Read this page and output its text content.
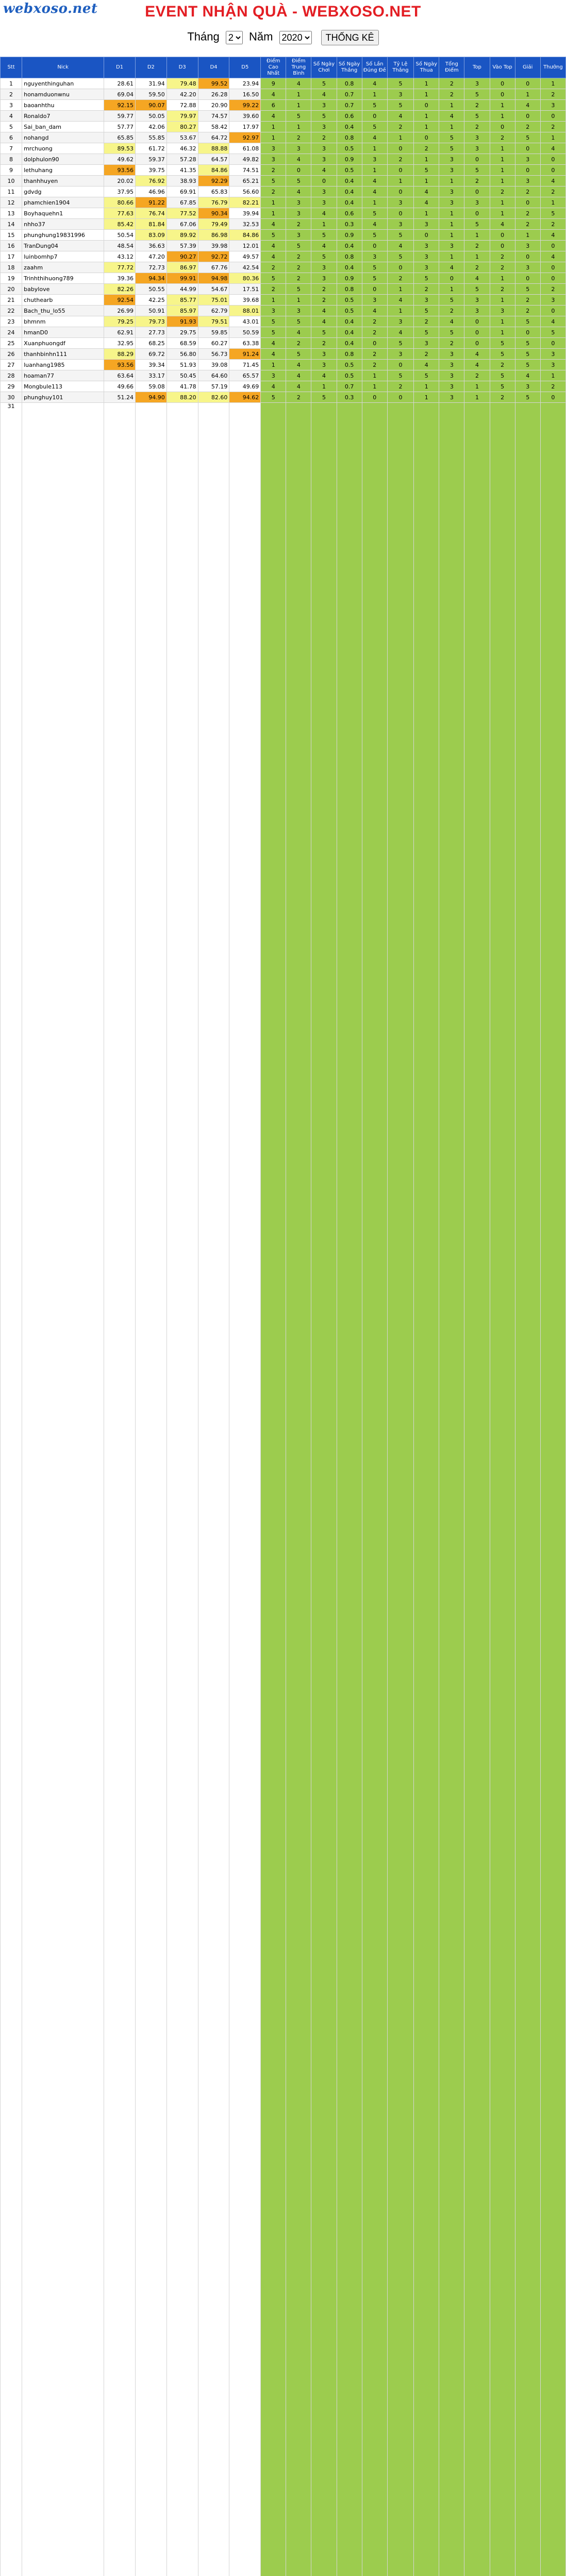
webxoso.net	EVENT NHẬN QUÀ - WEBXOSO.NET
Tháng
2	Năm
2020	THỐNG KÊ
Stt	Nick	D1	D2	D3	D4	D5	Điểm Cao Nhất	Điểm Trung Bình	Số Ngày Chơi	Số Ngày Thắng	Số Lần Đúng Đề	Tỷ Lệ Thắng	Số Ngày Thua	Tổng Điểm	Top	Vào Top	Giải	Thưởng
1	nguyenthinguhan	28.61	31.94	79.48	99.52	23.94	9	4	5	0.8	4	5	1	2	3	0	0	1
2	honamduonwnu	69.04	59.50	42.20	26.28	16.50	4	1	4	0.7	1	3	1	2	5	0	1	2
3	baoanhthu	92.15	90.07	72.88	20.90	99.22	6	1	3	0.7	5	5	0	1	2	1	4	3
4	Ronaldo7	59.77	50.05	79.97	74.57	39.60	4	5	5	0.6	0	4	1	4	5	1	0	0
5	Sai_ban_dam	57.77	42.06	80.27	58.42	17.97	1	1	3	0.4	5	2	1	1	2	0	2	2
6	nohangd	65.85	55.85	53.67	64.72	92.97	1	2	2	0.8	4	1	0	5	3	2	5	1
7	mrchuong	89.53	61.72	46.32	88.88	61.08	3	3	3	0.5	1	0	2	5	3	1	0	4
8	dolphulon90	49.62	59.37	57.28	64.57	49.82	3	4	3	0.9	3	2	1	3	0	1	3	0
9	lethuhang	93.56	39.75	41.35	84.86	74.51	2	0	4	0.5	1	0	5	3	5	1	0	0
10	thanhhuyen	20.02	76.92	38.93	92.29	65.21	5	5	0	0.4	4	1	1	1	2	1	3	4
11	gdvdg	37.95	46.96	69.91	65.83	56.60	2	4	3	0.4	4	0	4	3	0	2	2	2
12	phamchien1904	80.66	91.22	67.85	76.79	82.21	1	3	3	0.4	1	3	4	3	3	1	0	1
13	Boyhaquehn1	77.63	76.74	77.52	90.34	39.94	1	3	4	0.6	5	0	1	1	0	1	2	5
14	nhho37	85.42	81.84	67.06	79.49	32.53	4	2	1	0.3	4	3	3	1	5	4	2	2
15	phunghung19831996	50.54	83.09	89.92	86.98	84.86	5	3	5	0.9	5	5	0	1	1	0	1	4
16	TranDung04	48.54	36.63	57.39	39.98	12.01	4	5	4	0.4	0	4	3	3	2	0	3	0
17	luinbomhp7	43.12	47.20	90.27	92.72	49.57	4	2	5	0.8	3	5	3	1	1	2	0	4
18	zaahm	77.72	72.73	86.97	67.76	42.54	2	2	3	0.4	5	0	3	4	2	2	3	0
19	Trinhthihuong789	39.36	94.34	99.91	94.98	80.36	5	2	3	0.9	5	2	5	0	4	1	0	0
20	babylove	82.26	50.55	44.99	54.67	17.51	2	5	2	0.8	0	1	2	1	5	2	5	2
21	chuthearb	92.54	42.25	85.77	75.01	39.68	1	1	2	0.5	3	4	3	5	3	1	2	3
22	Bach_thu_lo55	26.99	50.91	85.97	62.79	88.01	3	3	4	0.5	4	1	5	2	3	3	2	0
23	bhmnm	79.25	79.73	91.93	79.51	43.01	5	5	4	0.4	2	3	2	4	0	1	5	4
24	hmanD0	62.91	27.73	29.75	59.85	50.59	5	4	5	0.4	2	4	5	5	0	1	0	5
25	Xuanphuongdf	32.95	68.25	68.59	60.27	63.38	4	2	2	0.4	0	5	3	2	0	5	5	0
26	thanhbinhn111	88.29	69.72	56.80	56.73	91.24	4	5	3	0.8	2	3	2	3	4	5	5	3
27	luanhang1985	93.56	39.34	51.93	39.08	71.45	1	4	3	0.5	2	0	4	3	4	2	5	3
28	hoaman77	63.64	33.17	50.45	64.60	65.57	3	4	4	0.5	1	5	5	3	2	5	4	1
29	Mongbule113	49.66	59.08	41.78	57.19	49.69	4	4	1	0.7	1	2	1	3	1	5	3	2
30	phunghuy101	51.24	94.90	88.20	82.60	94.62	5	2	5	0.3	0	0	1	3	1	2	5	0
31																		
